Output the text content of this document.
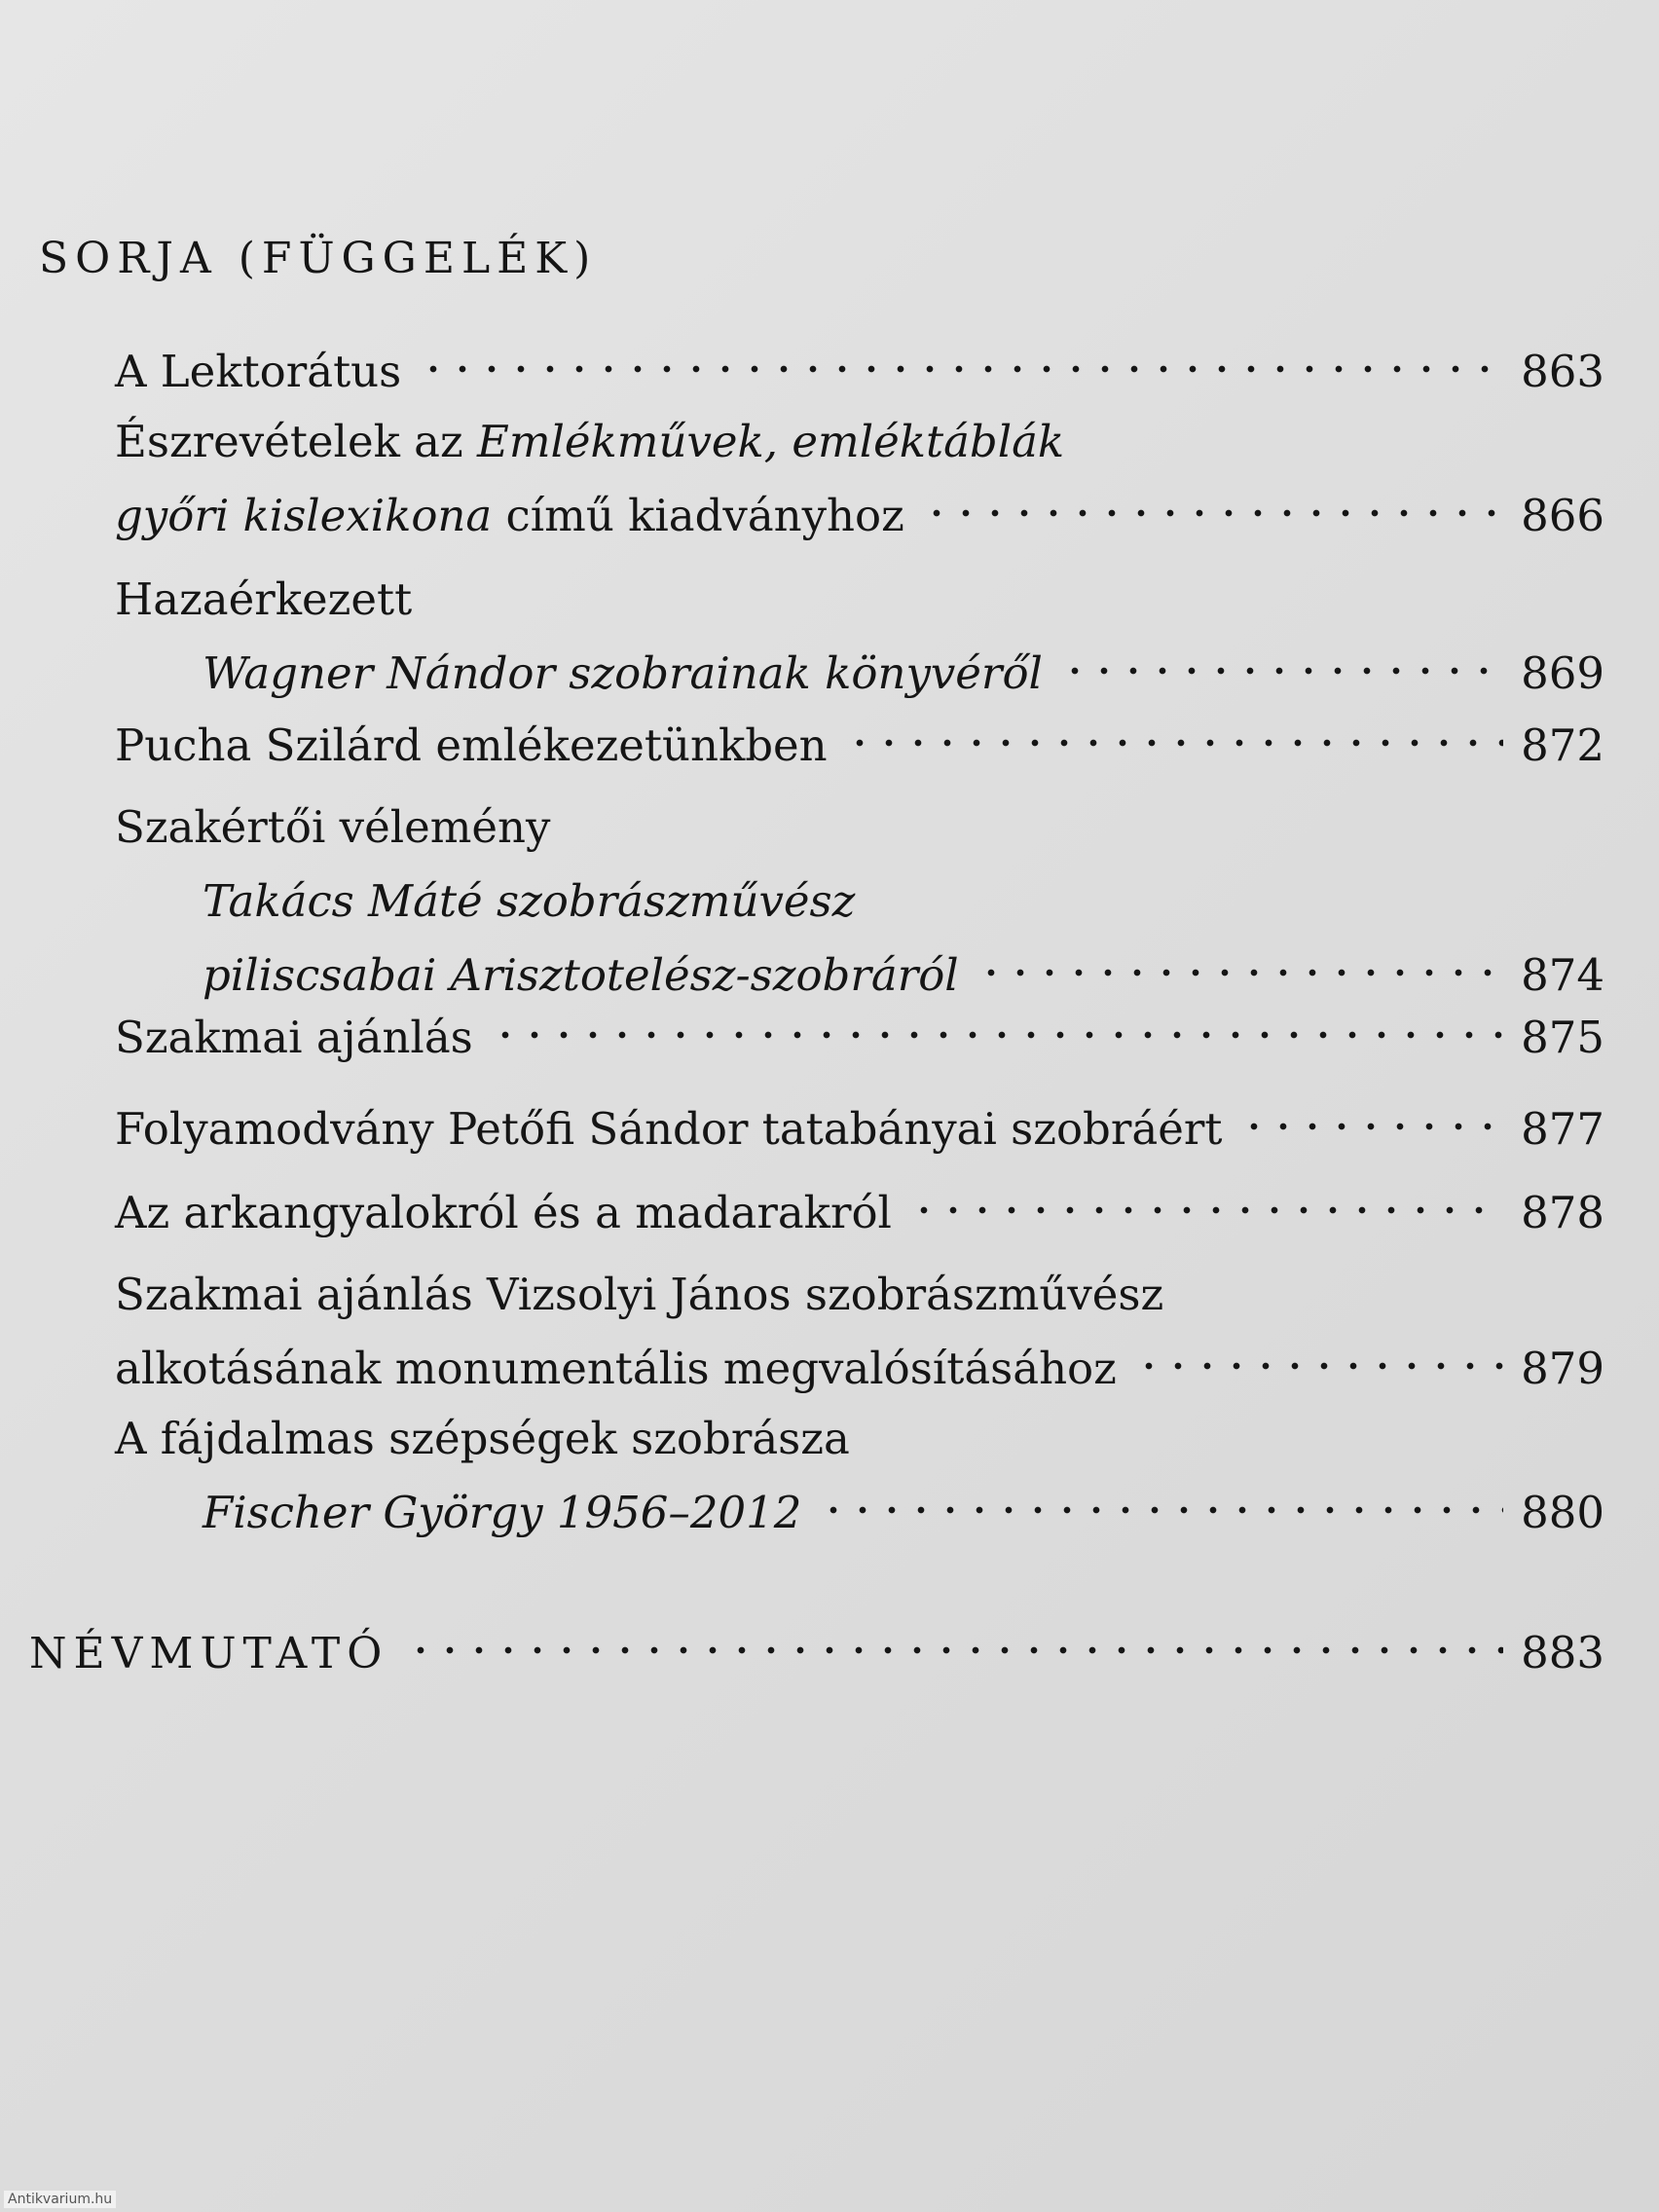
SORJA (FÜGGELÉK)
A Lektorátus	863
Észrevételek az Emlékművek, emléktáblák
győri kislexikona című kiadványhoz	866
Hazaérkezett
Wagner Nándor szobrainak könyvéről	869
Pucha Szilárd emlékezetünkben	872
Szakértői vélemény
Takács Máté szobrászművész
piliscsabai Arisztotelész-szobráról	874
Szakmai ajánlás	875
Folyamodvány Petőfi Sándor tatabányai szobráért	877
Az arkangyalokról és a madarakról	878
Szakmai ajánlás Vizsolyi János szobrászművész
alkotásának monumentális megvalósításához	879
A fájdalmas szépségek szobrásza
Fischer György 1956–2012	880
NÉVMUTATÓ	883
Antikvarium.hu
